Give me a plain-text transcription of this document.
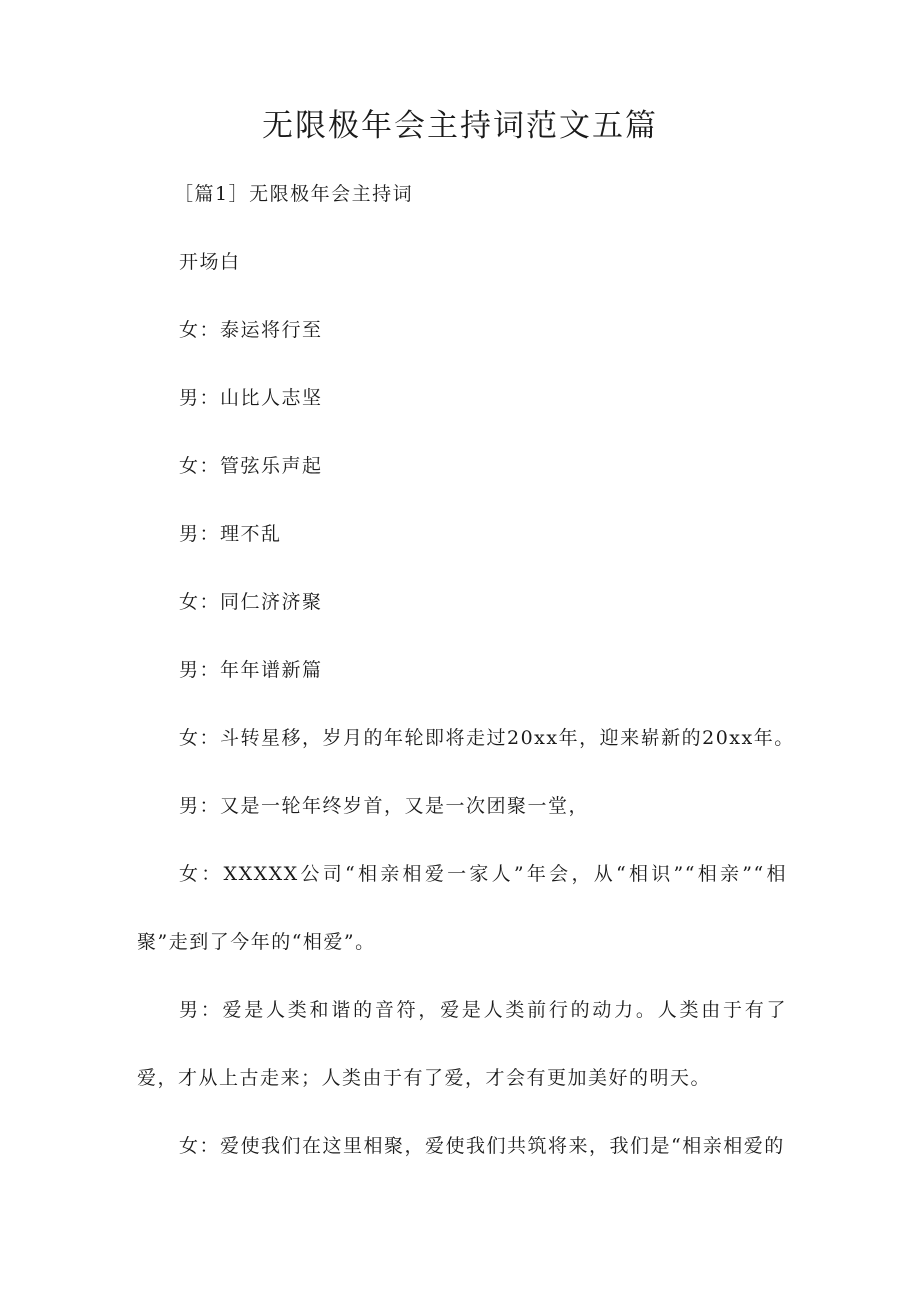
无限极年会主持词范文五篇

［篇1］无限极年会主持词

开场白

女：泰运将行至

男：山比人志坚

女：管弦乐声起

男：理不乱

女：同仁济济聚

男：年年谱新篇

女：斗转星移，岁月的年轮即将走过20xx年，迎来崭新的20xx年。

男：又是一轮年终岁首，又是一次团聚一堂，

女：XXXXX公司“相亲相爱一家人”年会，从“相识”“相亲”“相聚”走到了今年的“相爱”。

男：爱是人类和谐的音符，爱是人类前行的动力。人类由于有了爱，才从上古走来；人类由于有了爱，才会有更加美好的明天。

女：爱使我们在这里相聚，爱使我们共筑将来，我们是“相亲相爱的
